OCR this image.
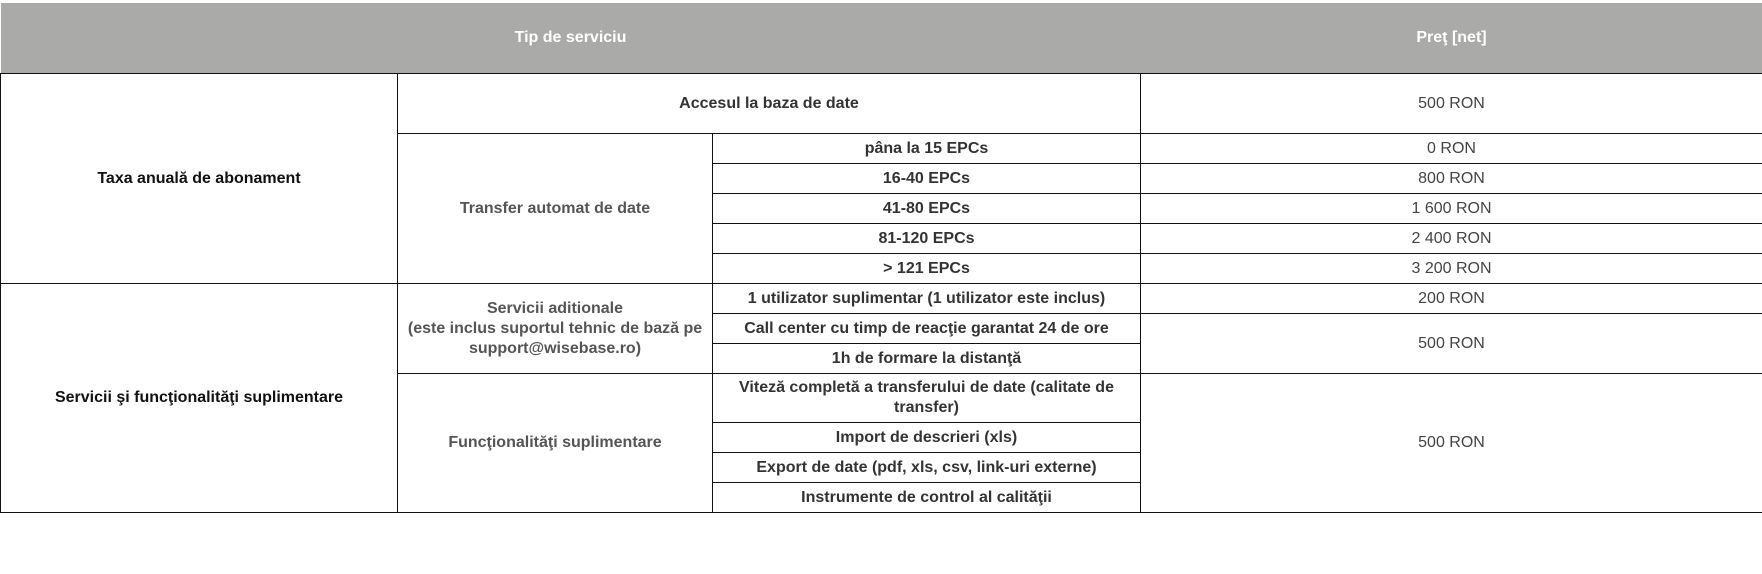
Tip de serviciu			Preţ [net]
Taxa anuală de abonament	Accesul la baza de date		500 RON
	Transfer automat de date	pâna la 15 EPCs	0 RON
		16-40 EPCs	800 RON
		41-80 EPCs	1 600 RON
		81-120 EPCs	2 400 RON
		> 121 EPCs	3 200 RON
Servicii şi funcţionalităţi suplimentare	Servicii aditionale
(este inclus suportul tehnic de bază pe
support@wisebase.ro)	1 utilizator suplimentar (1 utilizator este inclus)	200 RON
		Call center cu timp de reacţie garantat 24 de ore	500 RON
		1h de formare la distanţă	
	Funcţionalităţi suplimentare	Viteză completă a transferului de date (calitate de transfer)	500 RON
		Import de descrieri (xls)	
		Export de date (pdf, xls, csv, link-uri externe)	
		Instrumente de control al calităţii	
